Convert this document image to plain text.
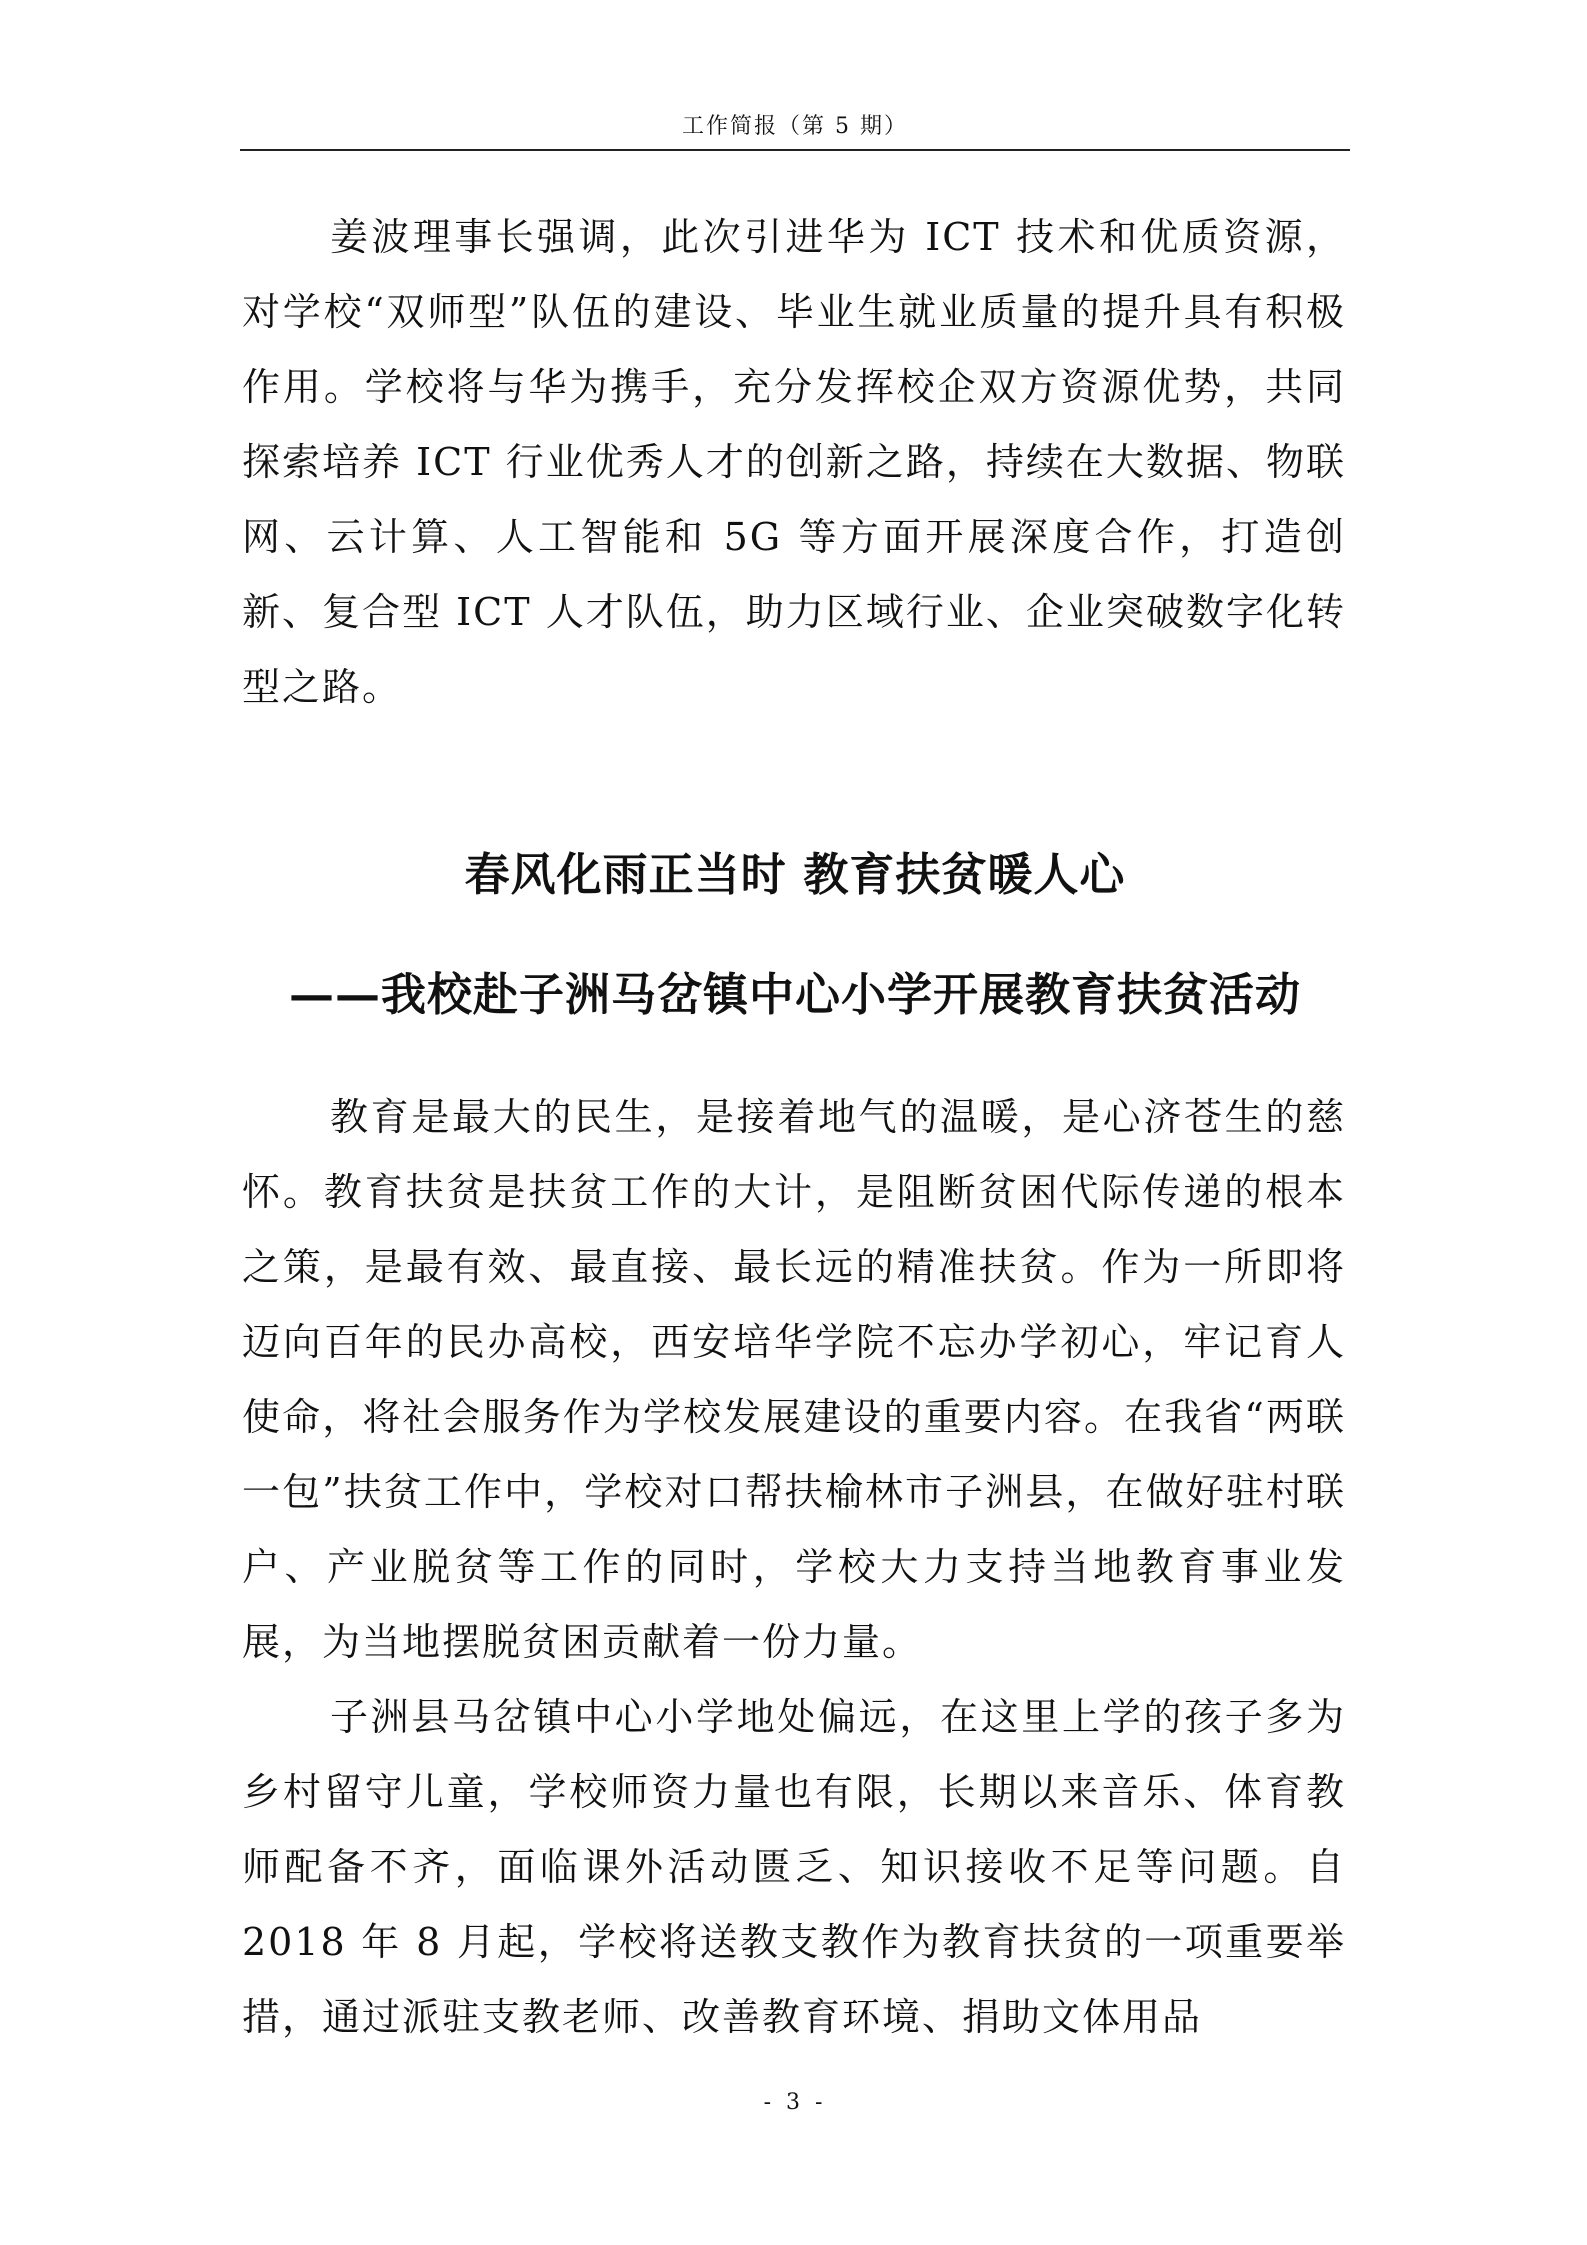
工作简报（第 5 期）

姜波理事长强调，此次引进华为 ICT 技术和优质资源，对学校“双师型”队伍的建设、毕业生就业质量的提升具有积极作用。学校将与华为携手，充分发挥校企双方资源优势，共同探索培养 ICT 行业优秀人才的创新之路，持续在大数据、物联网、云计算、人工智能和 5G 等方面开展深度合作，打造创新、复合型 ICT 人才队伍，助力区域行业、企业突破数字化转型之路。

春风化雨正当时 教育扶贫暖人心
——我校赴子洲马岔镇中心小学开展教育扶贫活动

教育是最大的民生，是接着地气的温暖，是心济苍生的慈怀。教育扶贫是扶贫工作的大计，是阻断贫困代际传递的根本之策，是最有效、最直接、最长远的精准扶贫。作为一所即将迈向百年的民办高校，西安培华学院不忘办学初心，牢记育人使命，将社会服务作为学校发展建设的重要内容。在我省“两联一包”扶贫工作中，学校对口帮扶榆林市子洲县，在做好驻村联户、产业脱贫等工作的同时，学校大力支持当地教育事业发展，为当地摆脱贫困贡献着一份力量。

子洲县马岔镇中心小学地处偏远，在这里上学的孩子多为乡村留守儿童，学校师资力量也有限，长期以来音乐、体育教师配备不齐，面临课外活动匮乏、知识接收不足等问题。自 2018 年 8 月起，学校将送教支教作为教育扶贫的一项重要举措，通过派驻支教老师、改善教育环境、捐助文体用品

- 3 -
